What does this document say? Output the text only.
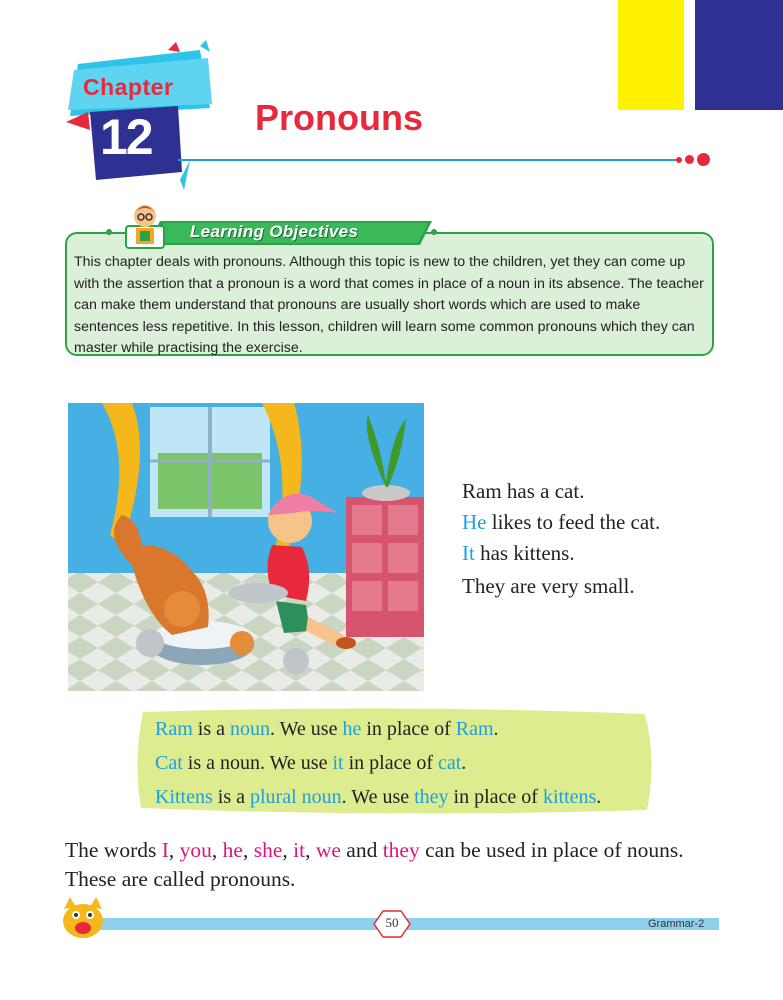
Chapter
12	Pronouns
This chapter deals with pronouns. Although this topic is new to the children, yet they can come up with the assertion that a pronoun is a word that comes in place of a noun in its absence. The teacher can make them understand that pronouns are usually short words which are used to make sentences less repetitive. In this lesson, children will learn some common pronouns which they can master while practising the exercise.
Learning Objectives
Ram has a cat.
He likes to feed the cat.
It has kittens.
They are very small.
Ram is a noun. We use he in place of Ram.
Cat is a noun. We use it in place of cat.
Kittens is a plural noun. We use they in place of kittens.
The words I, you, he, she, it, we and they can be used in place of nouns.
These are called pronouns.
50	Grammar-2
